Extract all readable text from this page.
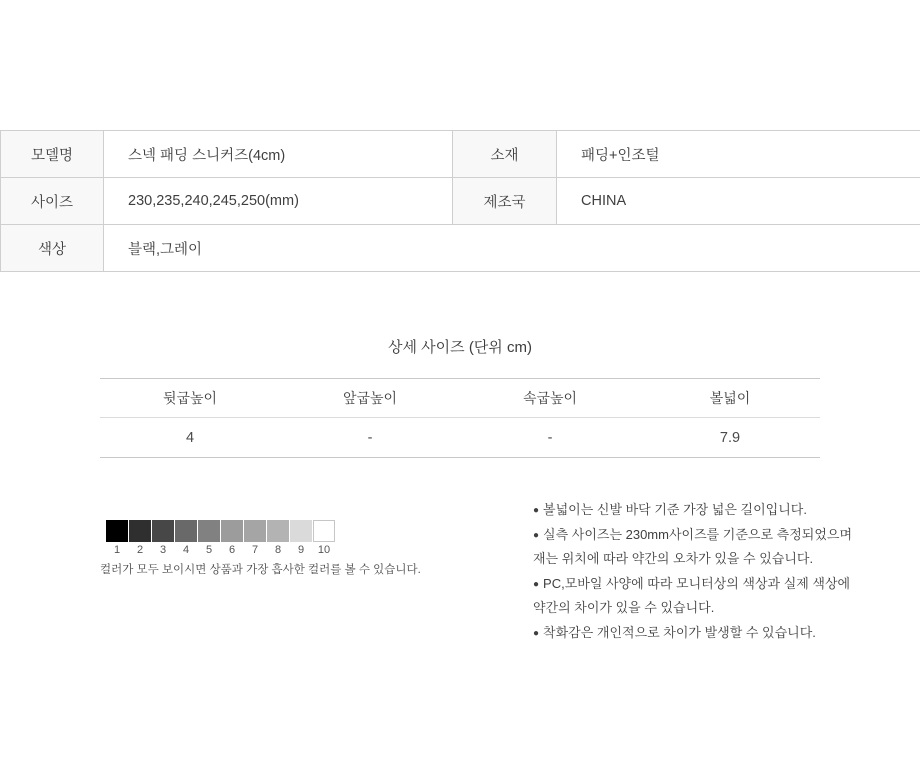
모델명	스넥 패딩 스니커즈(4cm)	소재	패딩+인조털
사이즈	230,235,240,245,250(mm)	제조국	CHINA
색상	블랙,그레이		
상세 사이즈 (단위 cm)
뒷굽높이	앞굽높이	속굽높이	볼넓이
4	-	-	7.9
1	2	3	4	5	6	7	8	9	10
컬러가 모두 보이시면 상품과 가장 흡사한 컬러를 볼 수 있습니다.
● 볼넓이는 신발 바닥 기준 가장 넓은 길이입니다.
● 실측 사이즈는 230mm사이즈를 기준으로 측정되었으며
재는 위치에 따라 약간의 오차가 있을 수 있습니다.
● PC,모바일 사양에 따라 모니터상의 색상과 실제 색상에
약간의 차이가 있을 수 있습니다.
● 착화감은 개인적으로 차이가 발생할 수 있습니다.
